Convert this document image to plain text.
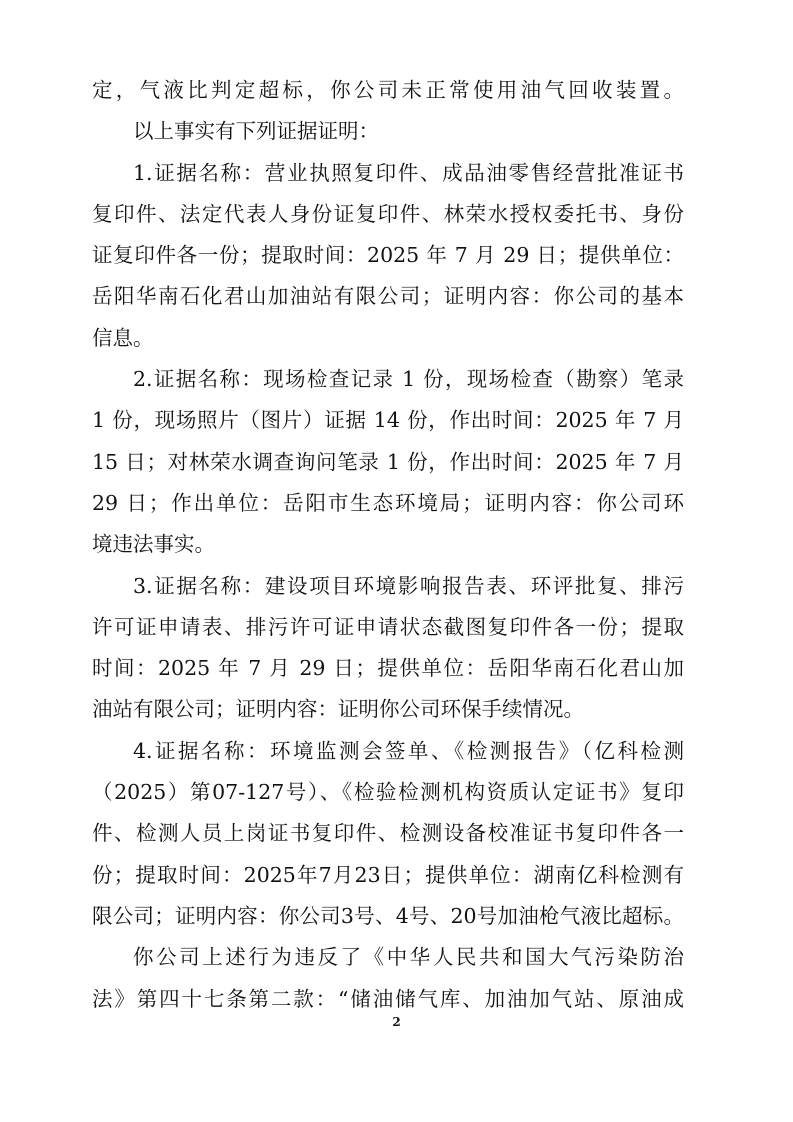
定，气液比判定超标，你公司未正常使用油气回收装置。
以上事实有下列证据证明：
1.证据名称：营业执照复印件、成品油零售经营批准证书
复印件、法定代表人身份证复印件、林荣水授权委托书、身份
证复印件各一份；提取时间：2025 年 7 月 29 日；提供单位：
岳阳华南石化君山加油站有限公司；证明内容：你公司的基本
信息。
2.证据名称：现场检查记录 1 份，现场检查（勘察）笔录
1 份，现场照片（图片）证据 14 份，作出时间：2025 年 7 月
15 日；对林荣水调查询问笔录 1 份，作出时间：2025 年 7 月
29 日；作出单位：岳阳市生态环境局；证明内容：你公司环
境违法事实。
3.证据名称：建设项目环境影响报告表、环评批复、排污
许可证申请表、排污许可证申请状态截图复印件各一份；提取
时间：2025 年 7 月 29 日；提供单位：岳阳华南石化君山加
油站有限公司；证明内容：证明你公司环保手续情况。
4.证据名称：环境监测会签单、《检测报告》（亿科检测
（2025）第07-127号）、《检验检测机构资质认定证书》复印
件、检测人员上岗证书复印件、检测设备校准证书复印件各一
份；提取时间：2025年7月23日；提供单位：湖南亿科检测有
限公司；证明内容：你公司3号、4号、20号加油枪气液比超标。
你公司上述行为违反了《中华人民共和国大气污染防治
法》第四十七条第二款：“储油储气库、加油加气站、原油成
2
